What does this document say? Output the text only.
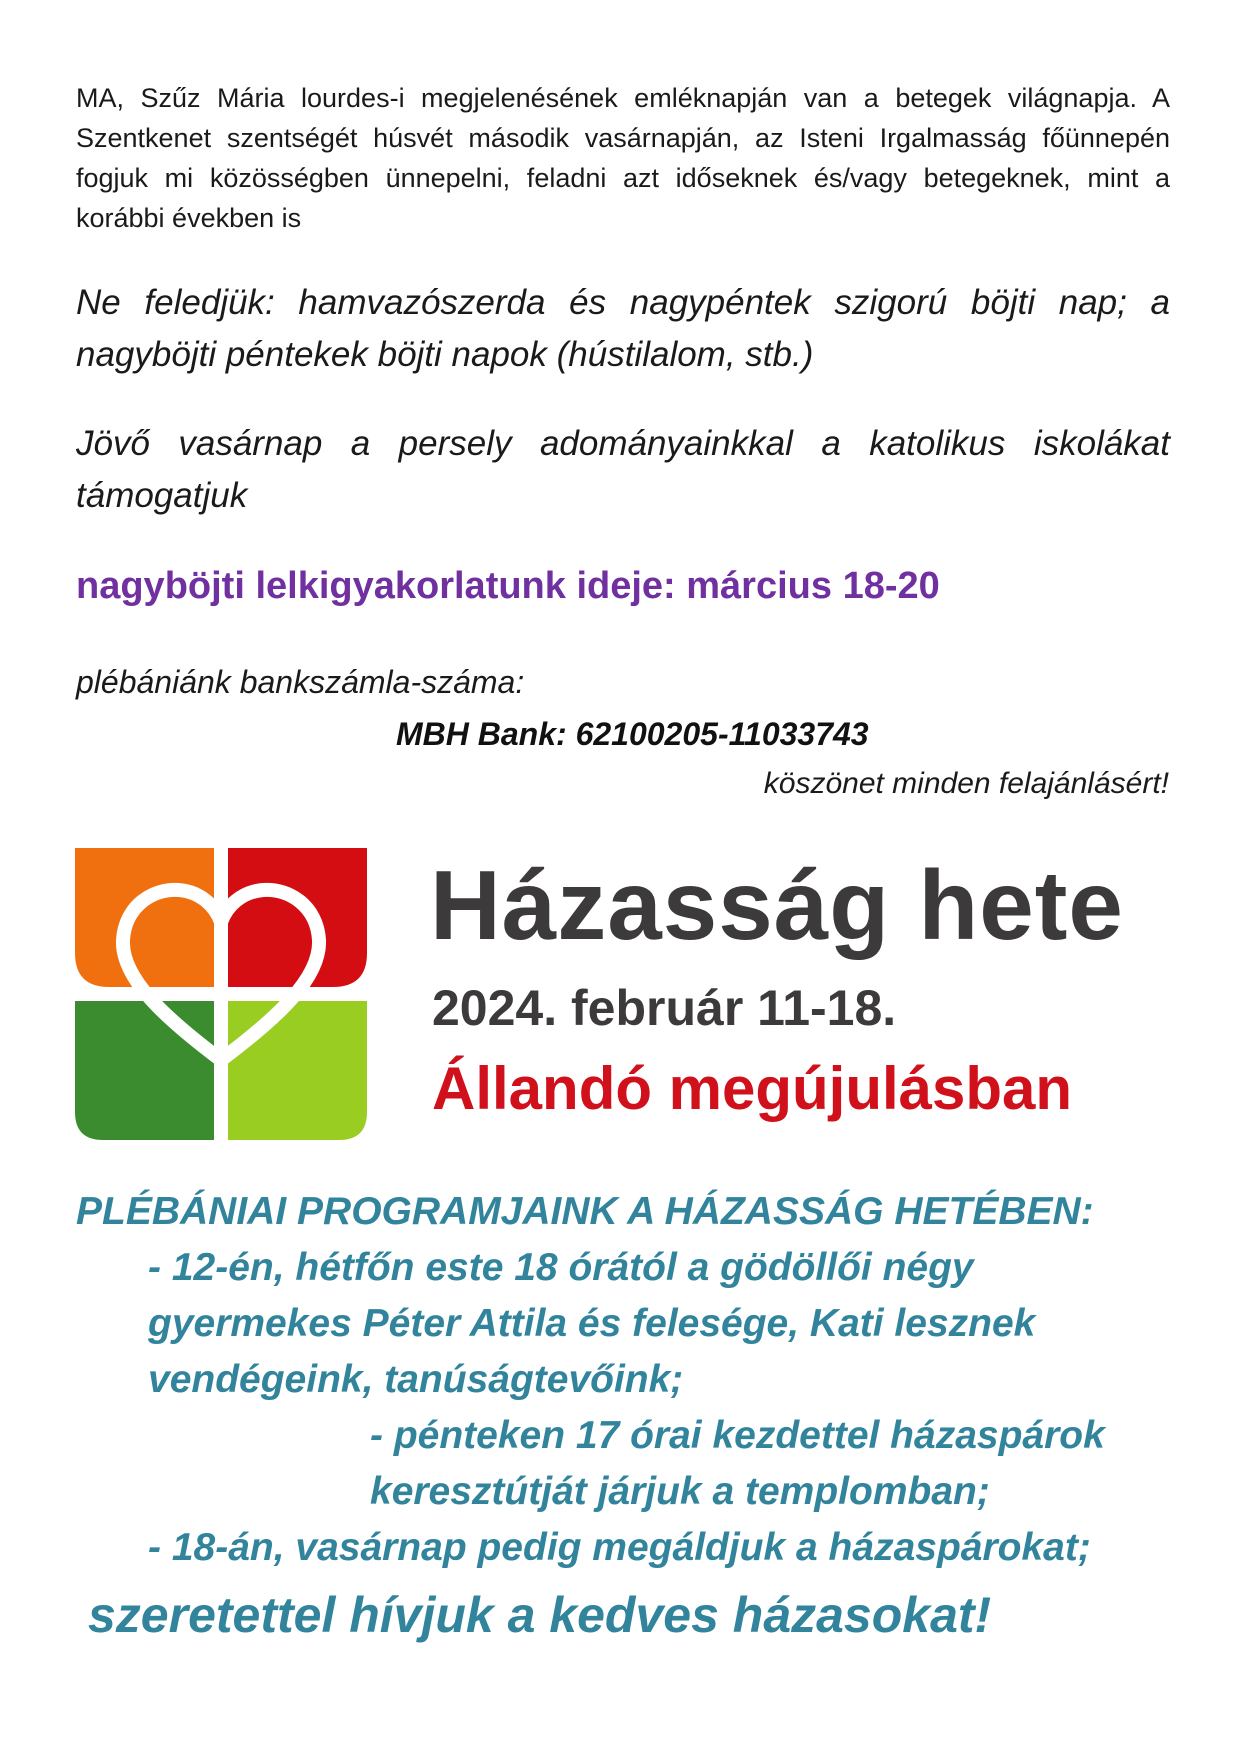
MA, Szűz Mária lourdes-i megjelenésének emléknapján van a betegek világnapja. A Szentkenet szentségét húsvét második vasárnapján, az Isteni Irgalmasság főünnepén fogjuk mi közösségben ünnepelni, feladni azt időseknek és/vagy betegeknek, mint a korábbi években is

Ne feledjük: hamvazószerda és nagypéntek szigorú böjti nap; a nagyböjti péntekek böjti napok (hústilalom, stb.)

Jövő vasárnap a persely adományainkkal a katolikus iskolákat támogatjuk

nagyböjti lelkigyakorlatunk ideje: március 18-20

plébániánk bankszámla-száma:

MBH Bank: 62100205-11033743

köszönet minden felajánlásért!

Házasság hete

2024. február 11-18.

Állandó megújulásban

PLÉBÁNIAI PROGRAMJAINK A HÁZASSÁG HETÉBEN:

- 12-én, hétfőn este 18 órától a gödöllői négy gyermekes Péter Attila és felesége, Kati lesznek vendégeink, tanúságtevőink;

- pénteken 17 órai kezdettel házaspárok keresztútját járjuk a templomban;

- 18-án, vasárnap pedig megáldjuk a házaspárokat;

szeretettel hívjuk a kedves házasokat!
